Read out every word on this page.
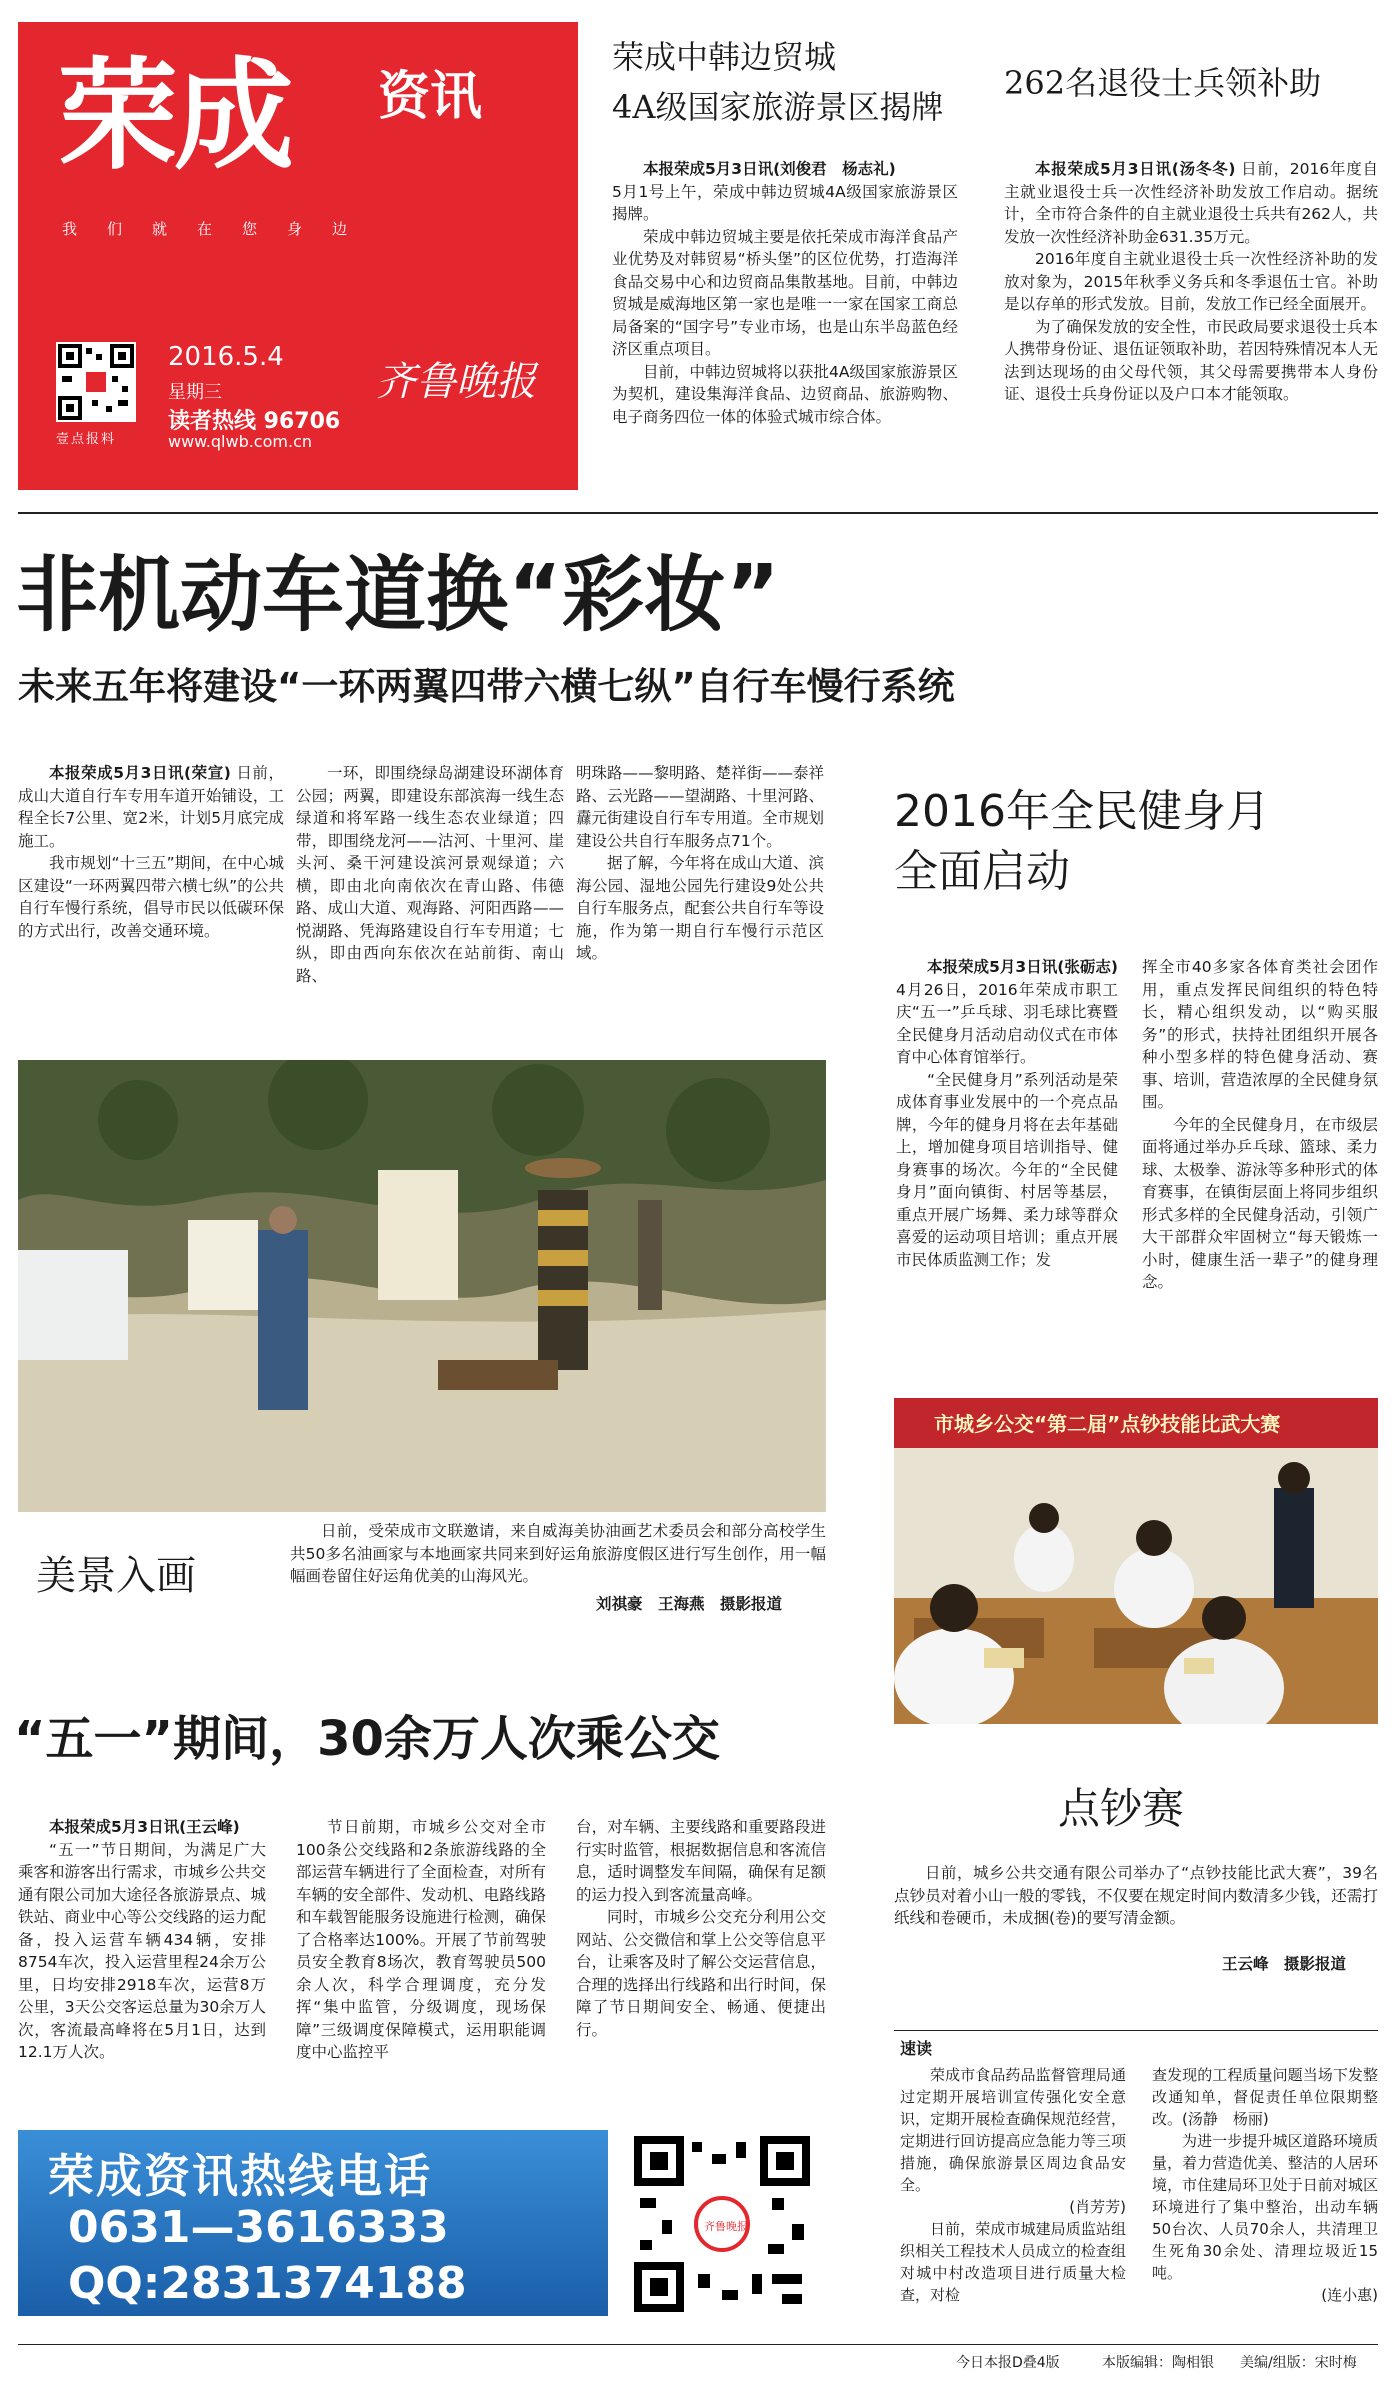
荣成 资讯
我们就在您身边
壹点报料
2016.5.4
星期三
读者热线 96706
www.qlwb.com.cn
齐鲁晚报
荣成中韩边贸城
4A级国家旅游景区揭牌

本报荣成5月3日讯(刘俊君　杨志礼)

5月1号上午，荣成中韩边贸城4A级国家旅游景区揭牌。

荣成中韩边贸城主要是依托荣成市海洋食品产业优势及对韩贸易“桥头堡”的区位优势，打造海洋食品交易中心和边贸商品集散基地。目前，中韩边贸城是威海地区第一家也是唯一一家在国家工商总局备案的“国字号”专业市场，也是山东半岛蓝色经济区重点项目。

目前，中韩边贸城将以获批4A级国家旅游景区为契机，建设集海洋食品、边贸商品、旅游购物、电子商务四位一体的体验式城市综合体。

262名退役士兵领补助

本报荣成5月3日讯(汤冬冬) 日前，2016年度自主就业退役士兵一次性经济补助发放工作启动。据统计，全市符合条件的自主就业退役士兵共有262人，共发放一次性经济补助金631.35万元。

2016年度自主就业退役士兵一次性经济补助的发放对象为，2015年秋季义务兵和冬季退伍士官。补助是以存单的形式发放。目前，发放工作已经全面展开。

为了确保发放的安全性，市民政局要求退役士兵本人携带身份证、退伍证领取补助，若因特殊情况本人无法到达现场的由父母代领，其父母需要携带本人身份证、退役士兵身份证以及户口本才能领取。

非机动车道换“彩妆”
未来五年将建设“一环两翼四带六横七纵”自行车慢行系统

本报荣成5月3日讯(荣宣) 日前，成山大道自行车专用车道开始铺设，工程全长7公里、宽2米，计划5月底完成施工。

我市规划“十三五”期间，在中心城区建设“一环两翼四带六横七纵”的公共自行车慢行系统，倡导市民以低碳环保的方式出行，改善交通环境。

一环，即围绕绿岛湖建设环湖体育公园；两翼，即建设东部滨海一线生态绿道和将军路一线生态农业绿道；四带，即围绕龙河——沽河、十里河、崖头河、桑干河建设滨河景观绿道；六横，即由北向南依次在青山路、伟德路、成山大道、观海路、河阳西路——悦湖路、凭海路建设自行车专用道；七纵，即由西向东依次在站前街、南山路、

明珠路——黎明路、楚祥街——泰祥路、云光路——望湖路、十里河路、纛元街建设自行车专用道。全市规划建设公共自行车服务点71个。

据了解，今年将在成山大道、滨海公园、湿地公园先行建设9处公共自行车服务点，配套公共自行车等设施，作为第一期自行车慢行示范区域。

美景入画
日前，受荣成市文联邀请，来自威海美协油画艺术委员会和部分高校学生共50多名油画家与本地画家共同来到好运角旅游度假区进行写生创作，用一幅幅画卷留住好运角优美的山海风光。
刘祺豪　王海燕　摄影报道
2016年全民健身月
全面启动

本报荣成5月3日讯(张砺志) 4月26日，2016年荣成市职工庆“五一”乒乓球、羽毛球比赛暨全民健身月活动启动仪式在市体育中心体育馆举行。

“全民健身月”系列活动是荣成体育事业发展中的一个亮点品牌，今年的健身月将在去年基础上，增加健身项目培训指导、健身赛事的场次。今年的“全民健身月”面向镇街、村居等基层，重点开展广场舞、柔力球等群众喜爱的运动项目培训；重点开展市民体质监测工作；发

挥全市40多家各体育类社会团作用，重点发挥民间组织的特色特长，精心组织发动，以“购买服务”的形式，扶持社团组织开展各种小型多样的特色健身活动、赛事、培训，营造浓厚的全民健身氛围。

今年的全民健身月，在市级层面将通过举办乒乓球、篮球、柔力球、太极拳、游泳等多种形式的体育赛事，在镇街层面上将同步组织形式多样的全民健身活动，引领广大干部群众牢固树立“每天锻炼一小时，健康生活一辈子”的健身理念。

市城乡公交“第二届”点钞技能比武大赛
点钞赛
日前，城乡公共交通有限公司举办了“点钞技能比武大赛”，39名点钞员对着小山一般的零钱，不仅要在规定时间内数清多少钱，还需打纸线和卷硬币，未成捆(卷)的要写清金额。
王云峰　摄影报道
“五一”期间，30余万人次乘公交

本报荣成5月3日讯(王云峰)

“五一”节日期间，为满足广大乘客和游客出行需求，市城乡公共交通有限公司加大途径各旅游景点、城铁站、商业中心等公交线路的运力配备，投入运营车辆434辆，安排8754车次，投入运营里程24余万公里，日均安排2918车次，运营8万公里，3天公交客运总量为30余万人次，客流最高峰将在5月1日，达到12.1万人次。

节日前期，市城乡公交对全市100条公交线路和2条旅游线路的全部运营车辆进行了全面检查，对所有车辆的安全部件、发动机、电路线路和车载智能服务设施进行检测，确保了合格率达100%。开展了节前驾驶员安全教育8场次，教育驾驶员500余人次，科学合理调度，充分发挥“集中监管，分级调度，现场保障”三级调度保障模式，运用职能调度中心监控平

台，对车辆、主要线路和重要路段进行实时监管，根据数据信息和客流信息，适时调整发车间隔，确保有足额的运力投入到客流量高峰。

同时，市城乡公交充分利用公交网站、公交微信和掌上公交等信息平台，让乘客及时了解公交运营信息，合理的选择出行线路和出行时间，保障了节日期间安全、畅通、便捷出行。

荣成资讯热线电话
0631—3616333
QQ:2831374188
齐鲁晚报
速读

荣成市食品药品监督管理局通过定期开展培训宣传强化安全意识，定期开展检查确保规范经营，定期进行回访提高应急能力等三项措施，确保旅游景区周边食品安全。

(肖芳芳)

日前，荣成市城建局质监站组织相关工程技术人员成立的检查组对城中村改造项目进行质量大检查，对检

查发现的工程质量问题当场下发整改通知单，督促责任单位限期整改。(汤静　杨丽)

为进一步提升城区道路环境质量，着力营造优美、整洁的人居环境，市住建局环卫处于日前对城区环境进行了集中整治，出动车辆50台次、人员70余人，共清理卫生死角30余处、清理垃圾近15吨。

(连小惠)

今日本报D叠4版	本版编辑：陶相银 美编/组版：宋时梅
